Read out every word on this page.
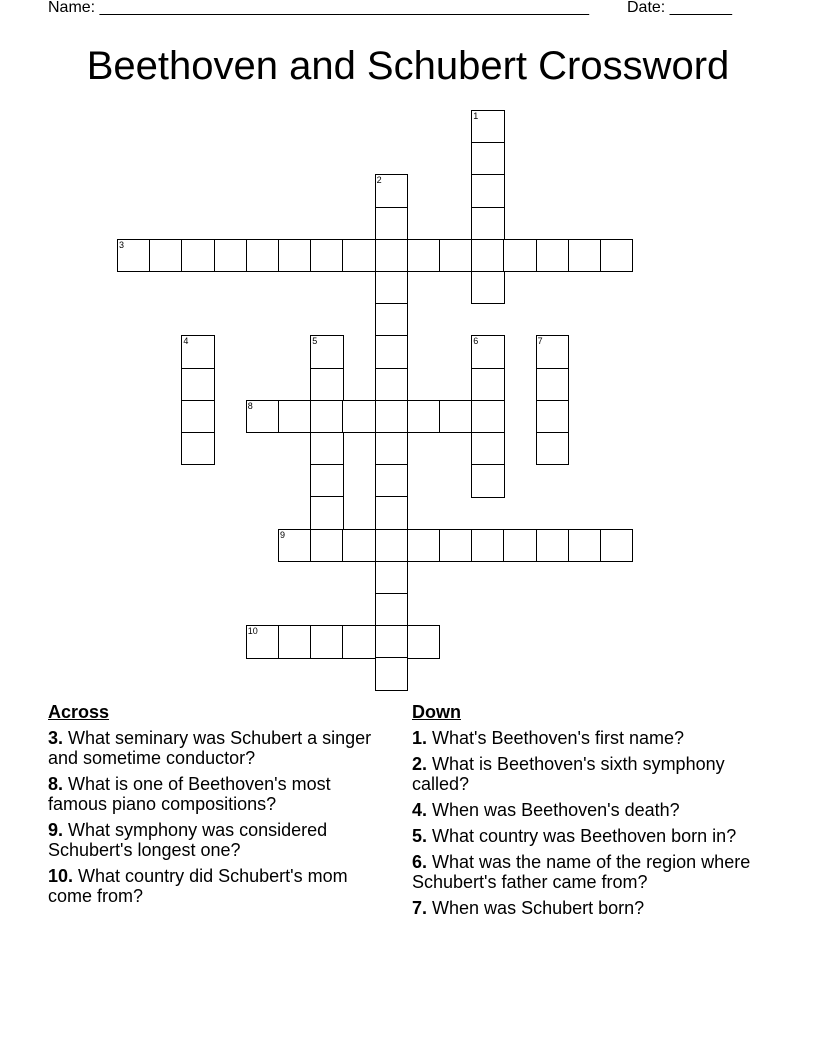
Name: _______________________________________________________ Date: _______
Beethoven and Schubert Crossword
1
2
3
4	5	6	7
8
9
10
Across
3. What seminary was Schubert a singer and sometime conductor?
8. What is one of Beethoven's most famous piano compositions?
9. What symphony was considered Schubert's longest one?
10. What country did Schubert's mom come from?
Down
1. What's Beethoven's first name?
2. What is Beethoven's sixth symphony called?
4. When was Beethoven's death?
5. What country was Beethoven born in?
6. What was the name of the region where Schubert's father came from?
7. When was Schubert born?
